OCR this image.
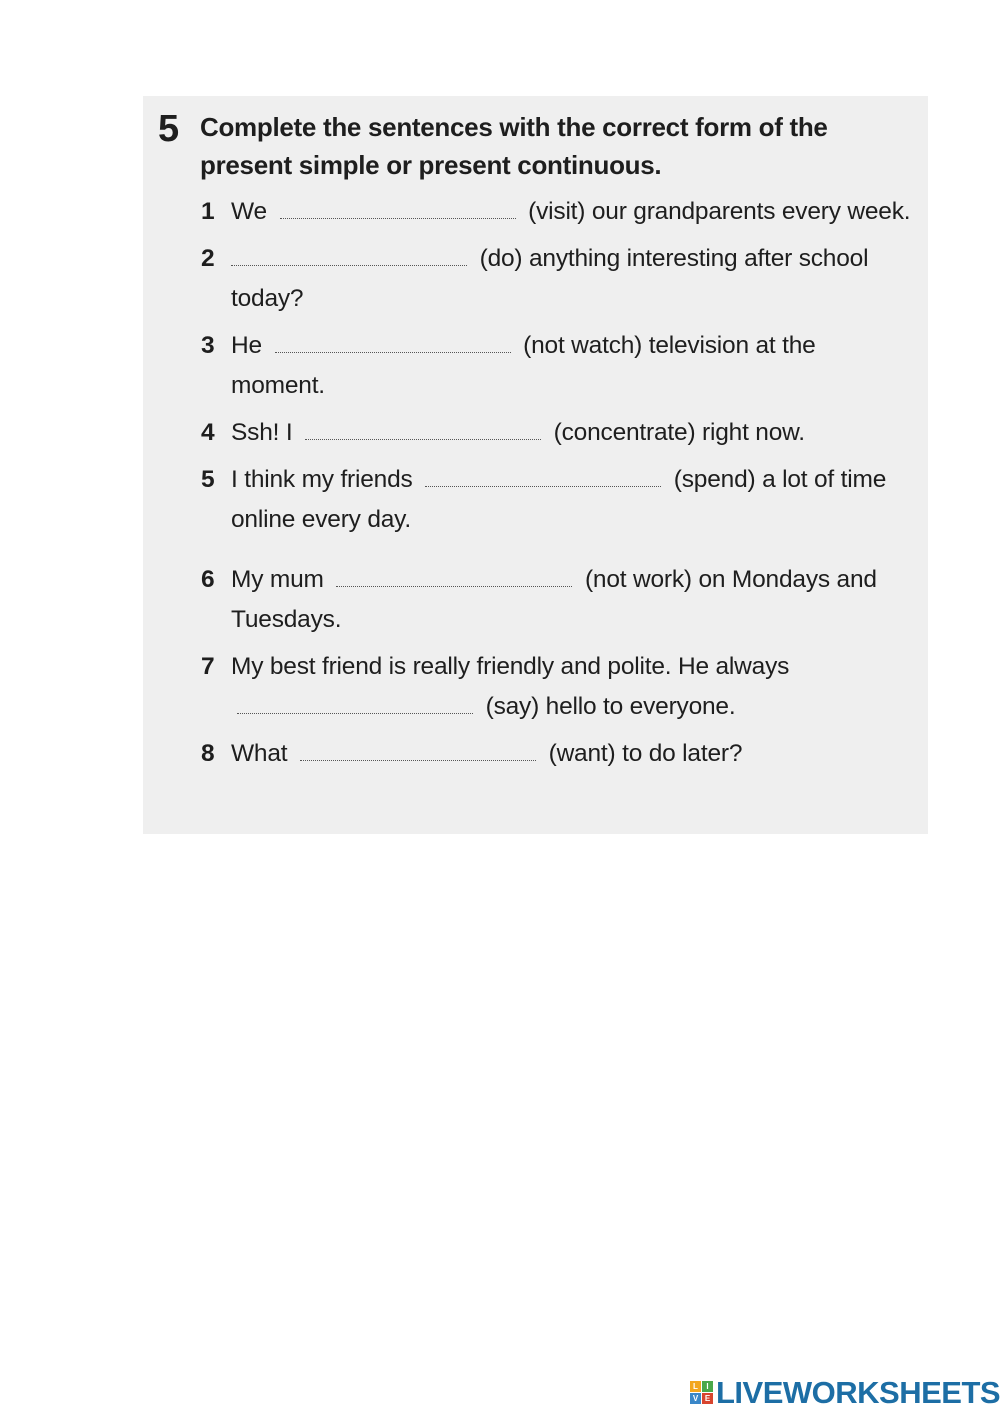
5 Complete the sentences with the correct form of the present simple or present continuous.
1 We	(visit) our grandparents every week.
2	(do) anything interesting after school today?
3 He	(not watch) television at the moment.
4 Ssh! I	(concentrate) right now.
5 I think my friends	(spend) a lot of time online every day.
6 My mum	(not work) on Mondays and Tuesdays.
7 My best friend is really friendly and polite. He always  (say) hello to everyone.
8 What	(want) to do later?
L	I
V E LIVEWORKSHEETS
